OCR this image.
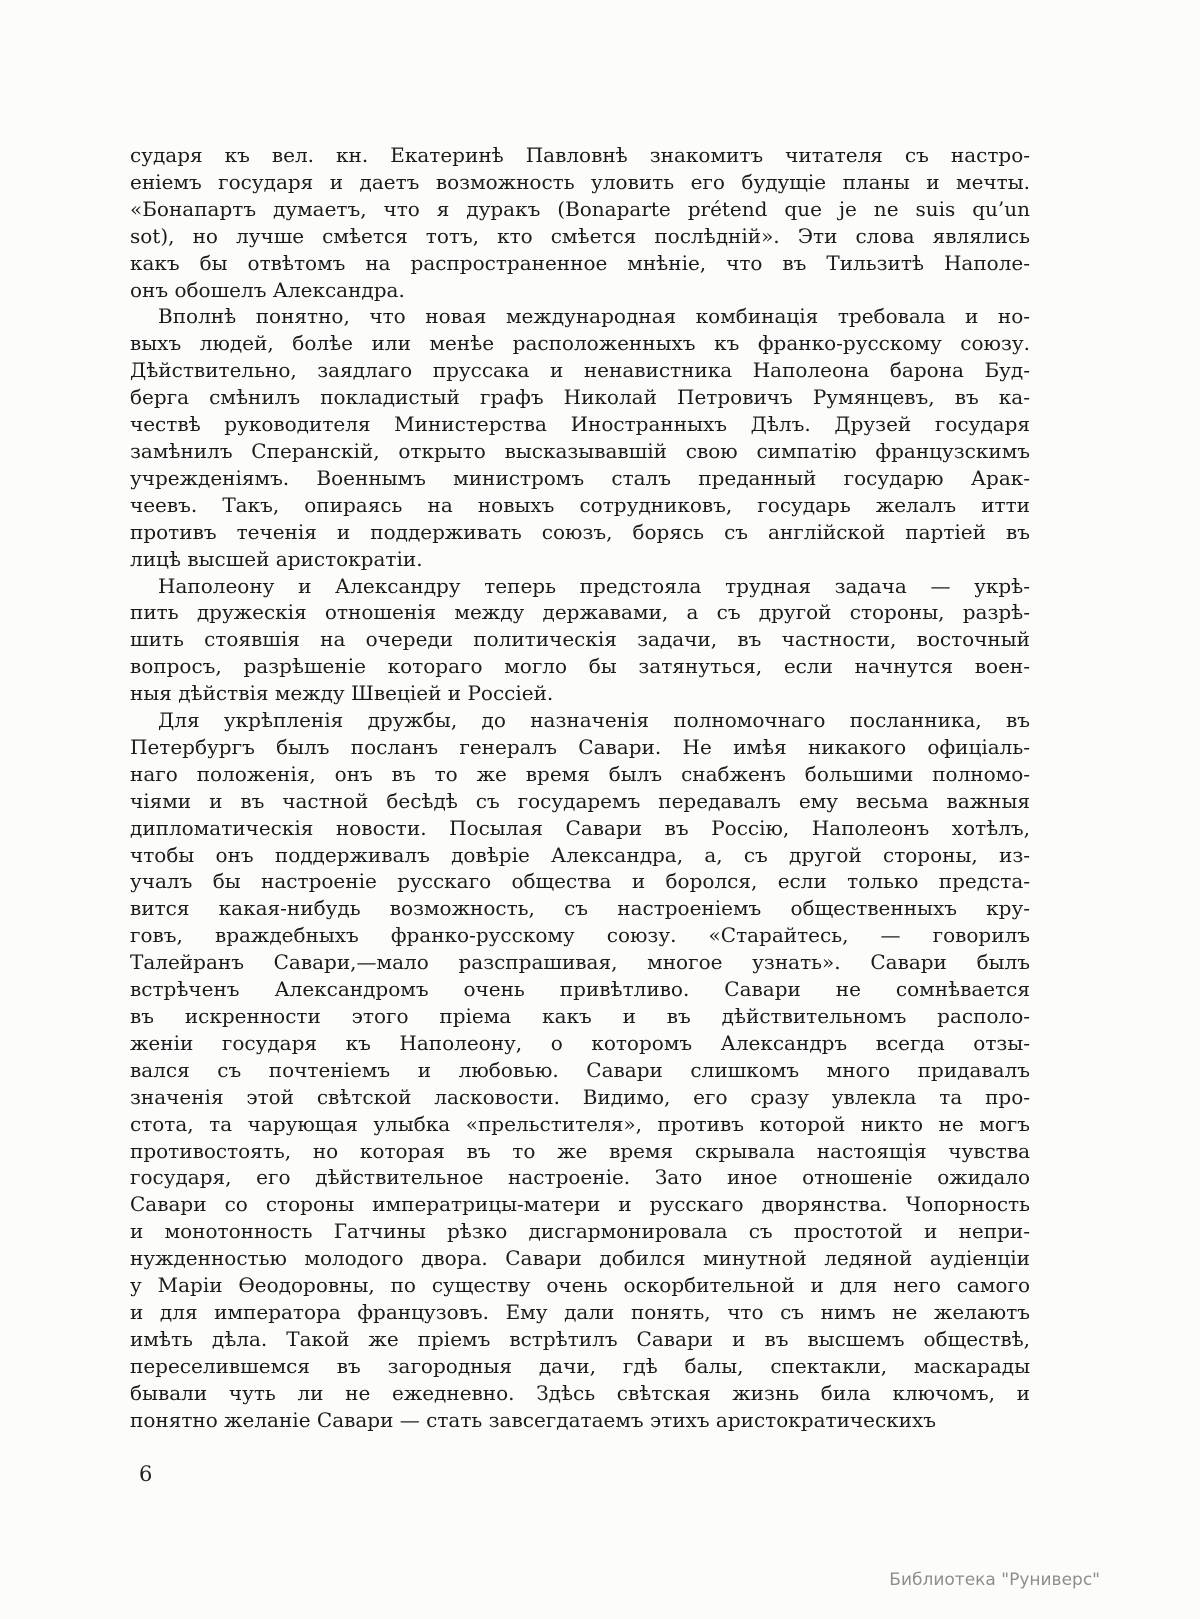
сударя къ вел. кн. Екатеринѣ Павловнѣ знакомитъ читателя съ настро-
еніемъ государя и даетъ возможность уловить его будущіе планы и мечты.
«Бонапартъ думаетъ, что я дуракъ (Bonaparte prétend que je ne suis qu’un
sot), но лучше смѣется тотъ, кто смѣется послѣдній». Эти слова являлись
какъ бы отвѣтомъ на распространенное мнѣніе, что въ Тильзитѣ Наполе-
онъ обошелъ Александра.
Вполнѣ понятно, что новая международная комбинація требовала и но-
выхъ людей, болѣе или менѣе расположенныхъ къ франко-русскому союзу.
Дѣйствительно, заядлаго пруссака и ненавистника Наполеона барона Буд-
берга смѣнилъ покладистый графъ Николай Петровичъ Румянцевъ, въ ка-
чествѣ руководителя Министерства Иностранныхъ Дѣлъ. Друзей государя
замѣнилъ Сперанскій, открыто высказывавшій свою симпатію французскимъ
учрежденіямъ. Военнымъ министромъ сталъ преданный государю Арак-
чеевъ. Такъ, опираясь на новыхъ сотрудниковъ, государь желалъ итти
противъ теченія и поддерживать союзъ, борясь съ англійской партіей въ
лицѣ высшей аристократіи.
Наполеону и Александру теперь предстояла трудная задача — укрѣ-
пить дружескія отношенія между державами, а съ другой стороны, разрѣ-
шить стоявшія на очереди политическія задачи, въ частности, восточный
вопросъ, разрѣшеніе котораго могло бы затянуться, если начнутся воен-
ныя дѣйствія между Швеціей и Россіей.
Для укрѣпленія дружбы, до назначенія полномочнаго посланника, въ
Петербургъ былъ посланъ генералъ Савари. Не имѣя никакого офиціаль-
наго положенія, онъ въ то же время былъ снабженъ большими полномо-
чіями и въ частной бесѣдѣ съ государемъ передавалъ ему весьма важныя
дипломатическія новости. Посылая Савари въ Россію, Наполеонъ хотѣлъ,
чтобы онъ поддерживалъ довѣріе Александра, а, съ другой стороны, из-
учалъ бы настроеніе русскаго общества и боролся, если только предста-
вится какая-нибудь возможность, съ настроеніемъ общественныхъ кру-
говъ, враждебныхъ франко-русскому союзу. «Старайтесь, — говорилъ
Талейранъ Савари,—мало разспрашивая, многое узнать». Савари былъ
встрѣченъ Александромъ очень привѣтливо. Савари не сомнѣвается
въ искренности этого пріема какъ и въ дѣйствительномъ располо-
женіи государя къ Наполеону, о которомъ Александръ всегда отзы-
вался съ почтеніемъ и любовью. Савари слишкомъ много придавалъ
значенія этой свѣтской ласковости. Видимо, его сразу увлекла та про-
стота, та чарующая улыбка «прельстителя», противъ которой никто не могъ
противостоять, но которая въ то же время скрывала настоящія чувства
государя, его дѣйствительное настроеніе. Зато иное отношеніе ожидало
Савари со стороны императрицы-матери и русскаго дворянства. Чопорность
и монотонность Гатчины рѣзко дисгармонировала съ простотой и непри-
нужденностью молодого двора. Савари добился минутной ледяной аудіенціи
у Маріи Ѳеодоровны, по существу очень оскорбительной и для него самого
и для императора французовъ. Ему дали понять, что съ нимъ не желаютъ
имѣть дѣла. Такой же пріемъ встрѣтилъ Савари и въ высшемъ обществѣ,
переселившемся въ загородныя дачи, гдѣ балы, спектакли, маскарады
бывали чуть ли не ежедневно. Здѣсь свѣтская жизнь била ключомъ, и
понятно желаніе Савари — стать завсегдатаемъ этихъ аристократическихъ
6
Библиотека "Руниверс"
